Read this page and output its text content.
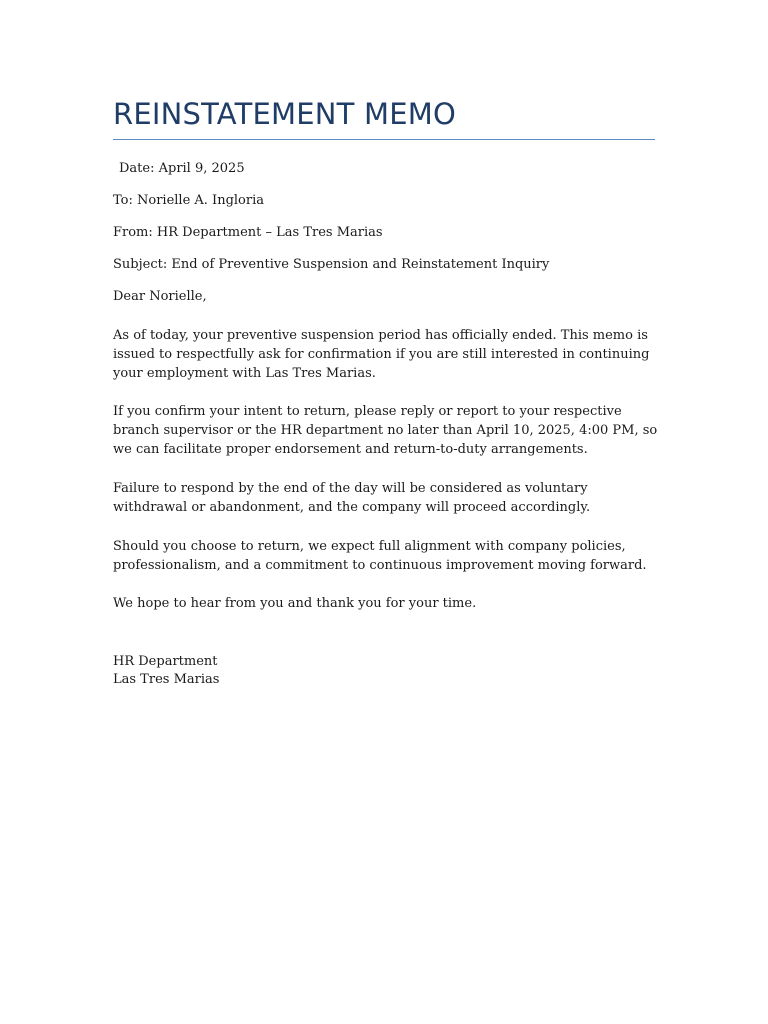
REINSTATEMENT MEMO

Date: April 9, 2025

To: Norielle A. Ingloria

From: HR Department – Las Tres Marias

Subject: End of Preventive Suspension and Reinstatement Inquiry

Dear Norielle,

As of today, your preventive suspension period has officially ended. This memo is issued to respectfully ask for confirmation if you are still interested in continuing your employment with Las Tres Marias.

If you confirm your intent to return, please reply or report to your respective branch supervisor or the HR department no later than April 10, 2025, 4:00 PM, so we can facilitate proper endorsement and return-to-duty arrangements.

Failure to respond by the end of the day will be considered as voluntary withdrawal or abandonment, and the company will proceed accordingly.

Should you choose to return, we expect full alignment with company policies, professionalism, and a commitment to continuous improvement moving forward.

We hope to hear from you and thank you for your time.

HR Department

Las Tres Marias
